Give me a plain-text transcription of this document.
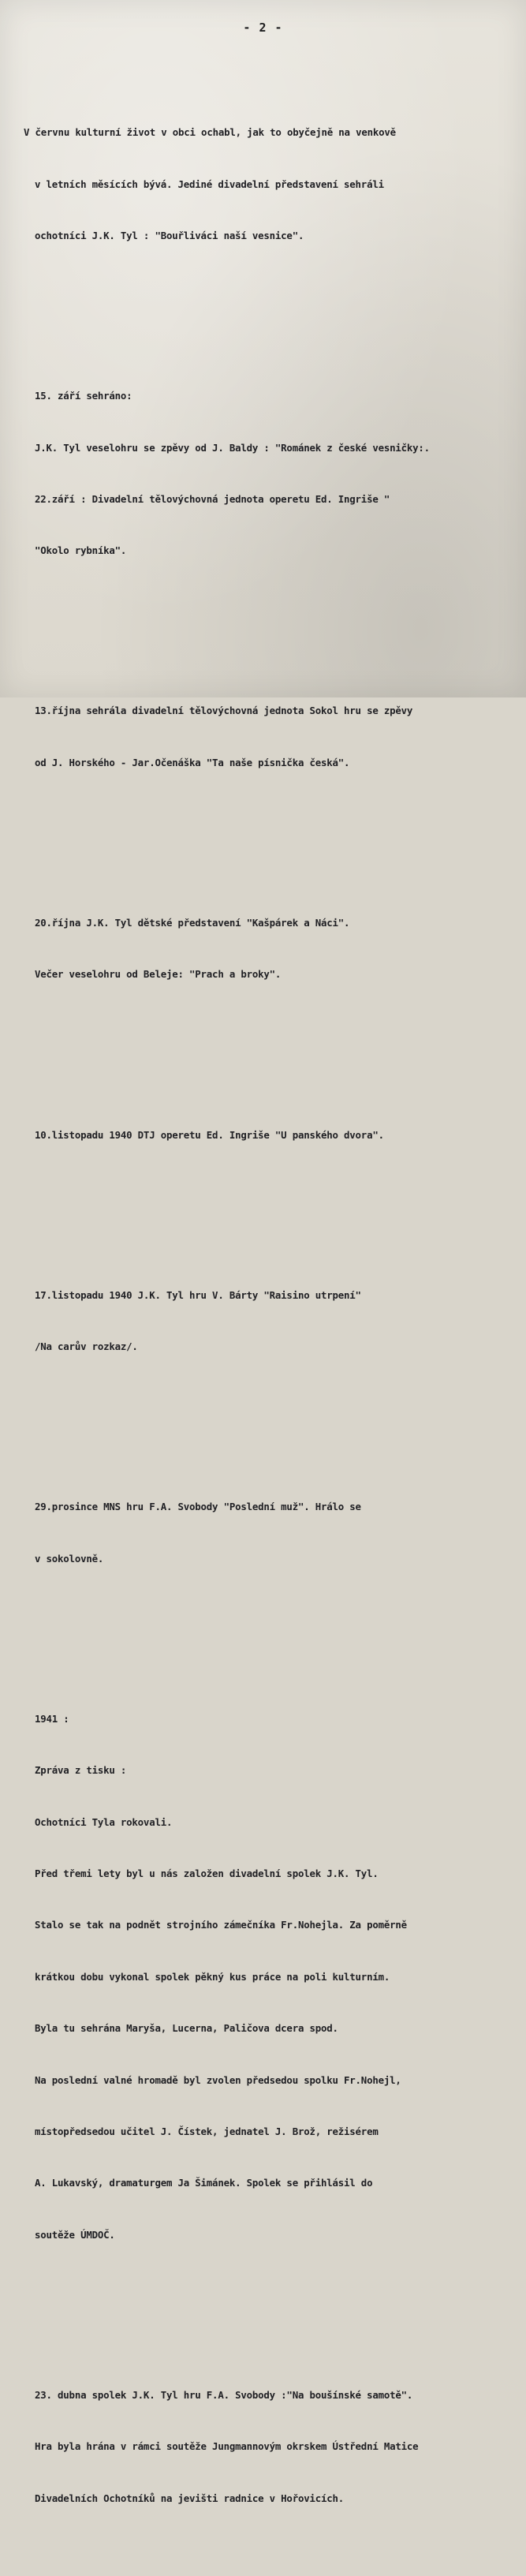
- 2 -

V červnu kulturní život v obci ochabl, jak to obyčejně na venkově

v letních měsících bývá. Jediné divadelní představení sehráli

ochotníci J.K. Tyl : "Bouřliváci naší vesnice".

15. září sehráno:

J.K. Tyl veselohru se zpěvy od J. Baldy : "Románek z české vesničky:.

22.září : Divadelní tělovýchovná jednota operetu Ed. Ingriše "

"Okolo rybníka".

13.října sehrála divadelní tělovýchovná jednota Sokol hru se zpěvy

od J. Horského - Jar.Očenáška "Ta naše písnička česká".

20.října J.K. Tyl dětské představení "Kašpárek a Náci".

Večer veselohru od Beleje: "Prach a broky".

10.listopadu 1940 DTJ operetu Ed. Ingriše "U panského dvora".

17.listopadu 1940 J.K. Tyl hru V. Bárty "Raisino utrpení"

/Na carův rozkaz/.

29.prosince MNS hru F.A. Svobody "Poslední muž". Hrálo se

v sokolovně.

1941 :

Zpráva z tisku :

Ochotníci Tyla rokovali.

Před třemi lety byl u nás založen divadelní spolek J.K. Tyl.

Stalo se tak na podnět strojního zámečníka Fr.Nohejla. Za poměrně

krátkou dobu vykonal spolek pěkný kus práce na poli kulturním.

Byla tu sehrána Maryša, Lucerna, Paličova dcera spod.

Na poslední valné hromadě byl zvolen předsedou spolku Fr.Nohejl,

místopředsedou učitel J. Čístek, jednatel J. Brož, režisérem

A. Lukavský, dramaturgem Ja Šimánek. Spolek se přihlásil do

soutěže ÚMDOČ.

23. dubna spolek J.K. Tyl hru F.A. Svobody :"Na boušínské samotě".

Hra byla hrána v rámci soutěže Jungmannovým okrskem Ústřední Matice

Divadelních Ochotníků na jevišti radnice v Hořovicích.
